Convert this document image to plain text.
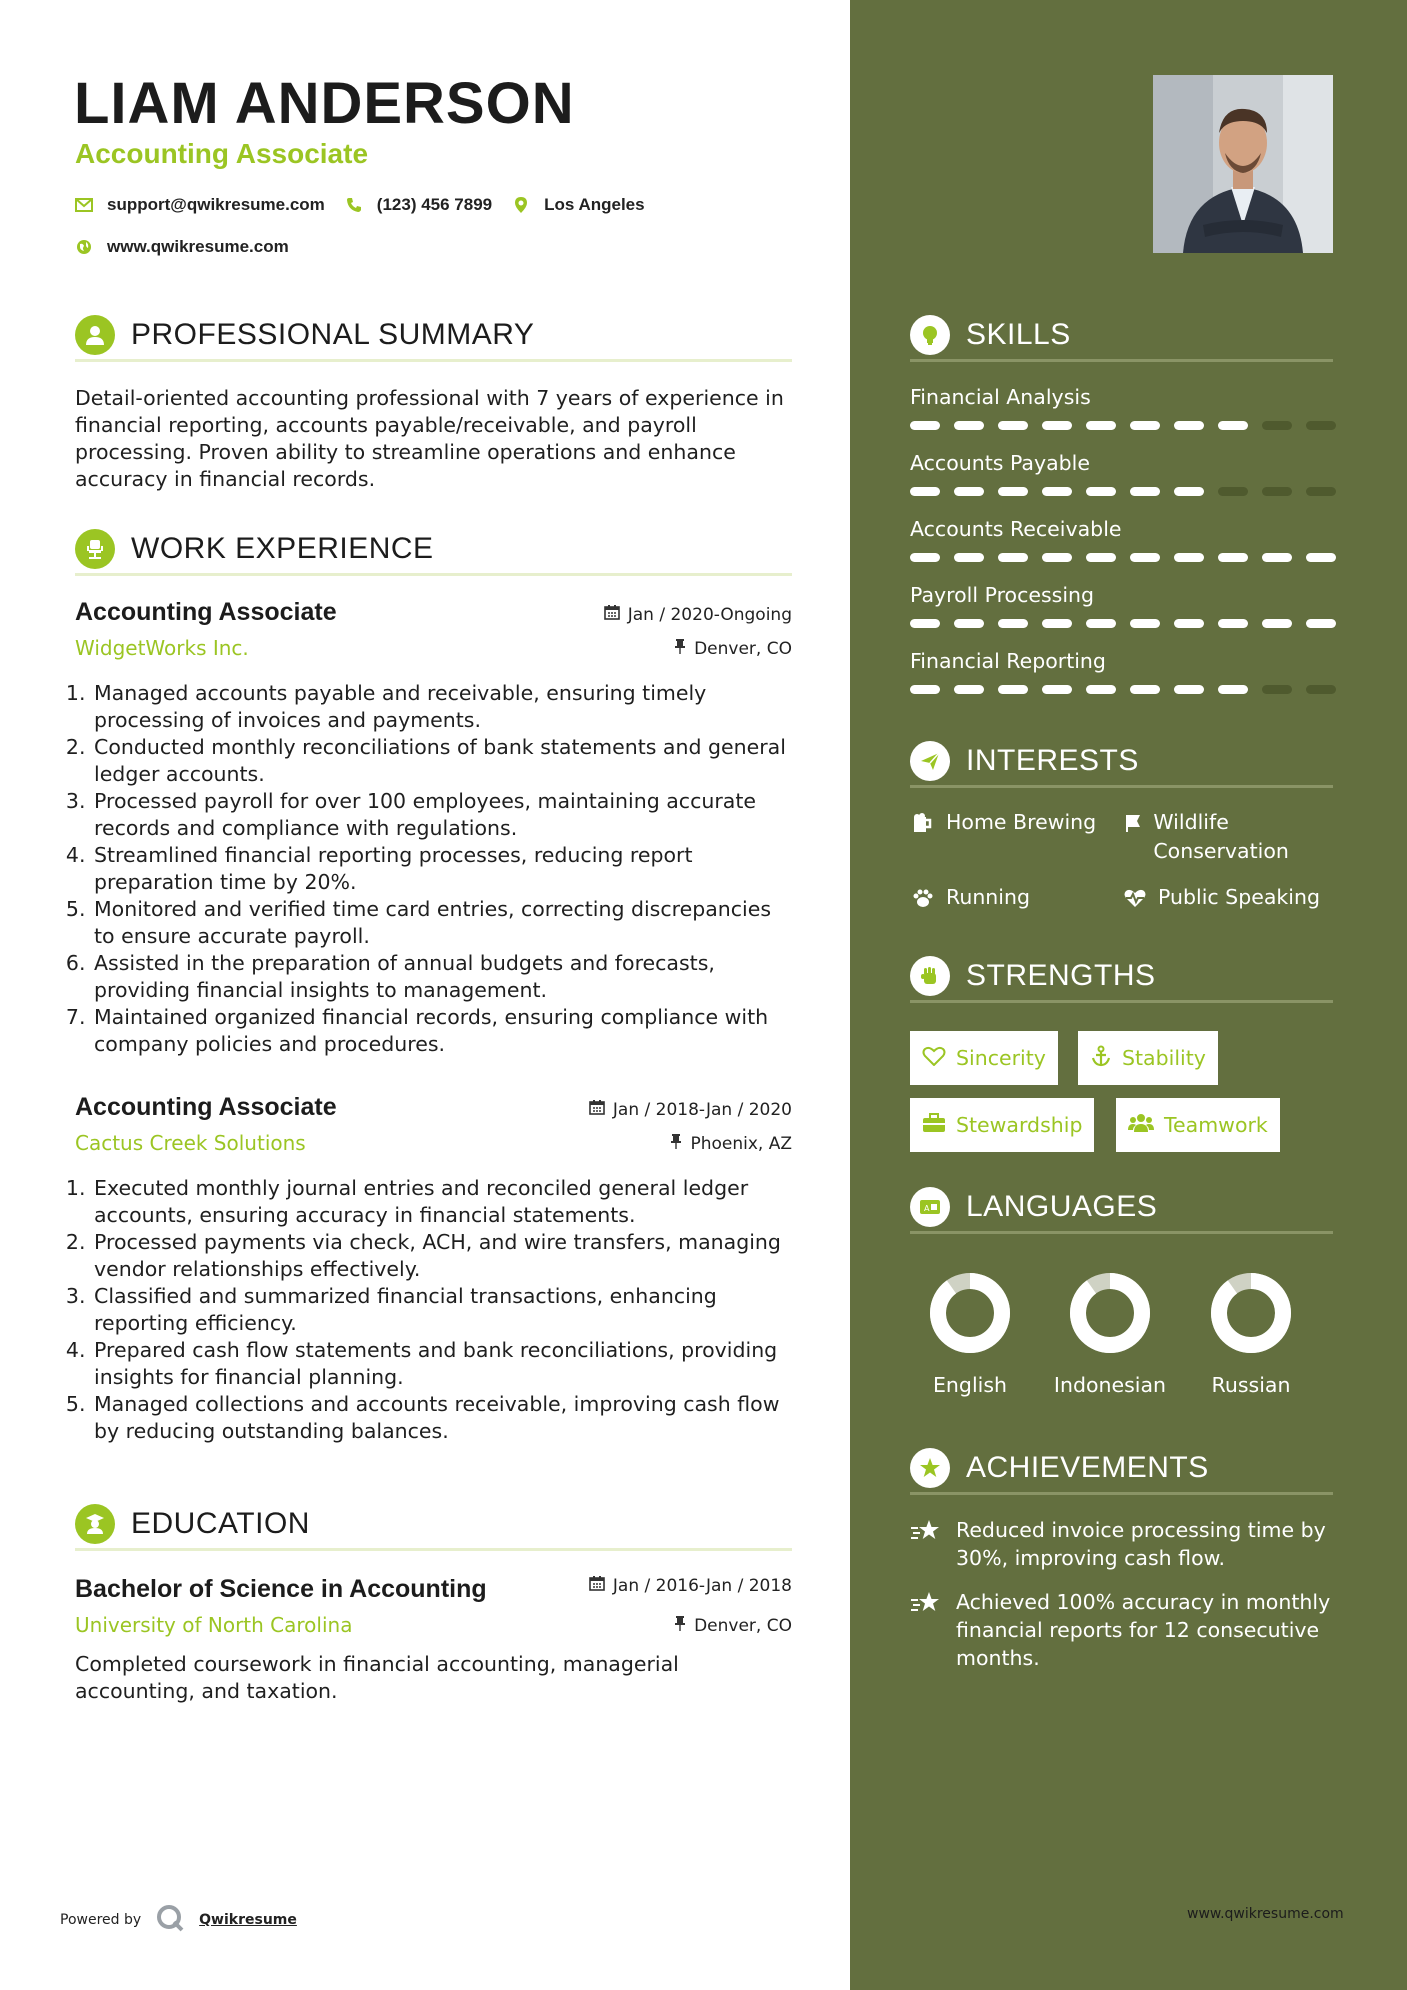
LIAM ANDERSON
Accounting Associate
support@qwikresume.com	(123) 456 7899	Los Angeles
www.qwikresume.com
PROFESSIONAL SUMMARY
Detail-oriented accounting professional with 7 years of experience in financial reporting, accounts payable/receivable, and payroll processing. Proven ability to streamline operations and enhance accuracy in financial records.
WORK EXPERIENCE
Accounting Associate	Jan / 2020-Ongoing
WidgetWorks Inc.	Denver, CO
1. Managed accounts payable and receivable, ensuring timely processing of invoices and payments.
2. Conducted monthly reconciliations of bank statements and general ledger accounts.
3. Processed payroll for over 100 employees, maintaining accurate records and compliance with regulations.
4. Streamlined financial reporting processes, reducing report preparation time by 20%.
5. Monitored and verified time card entries, correcting discrepancies to ensure accurate payroll.
6. Assisted in the preparation of annual budgets and forecasts, providing financial insights to management.
7. Maintained organized financial records, ensuring compliance with company policies and procedures.
Accounting Associate	Jan / 2018-Jan / 2020
Cactus Creek Solutions	Phoenix, AZ
1. Executed monthly journal entries and reconciled general ledger accounts, ensuring accuracy in financial statements.
2. Processed payments via check, ACH, and wire transfers, managing vendor relationships effectively.
3. Classified and summarized financial transactions, enhancing reporting efficiency.
4. Prepared cash flow statements and bank reconciliations, providing insights for financial planning.
5. Managed collections and accounts receivable, improving cash flow by reducing outstanding balances.
EDUCATION
Bachelor of Science in Accounting	Jan / 2016-Jan / 2018
University of North Carolina	Denver, CO
Completed coursework in financial accounting, managerial accounting, and taxation.
Powered by	Qwikresume
SKILLS
Financial Analysis
Accounts Payable
Accounts Receivable
Payroll Processing
Financial Reporting
INTERESTS
Home Brewing	Wildlife Conservation
Running	Public Speaking
STRENGTHS
Sincerity	Stability
Stewardship	Teamwork
A LANGUAGES
English	Indonesian	Russian
ACHIEVEMENTS
Reduced invoice processing time by 30%, improving cash flow.
Achieved 100% accuracy in monthly financial reports for 12 consecutive months.
www.qwikresume.com
